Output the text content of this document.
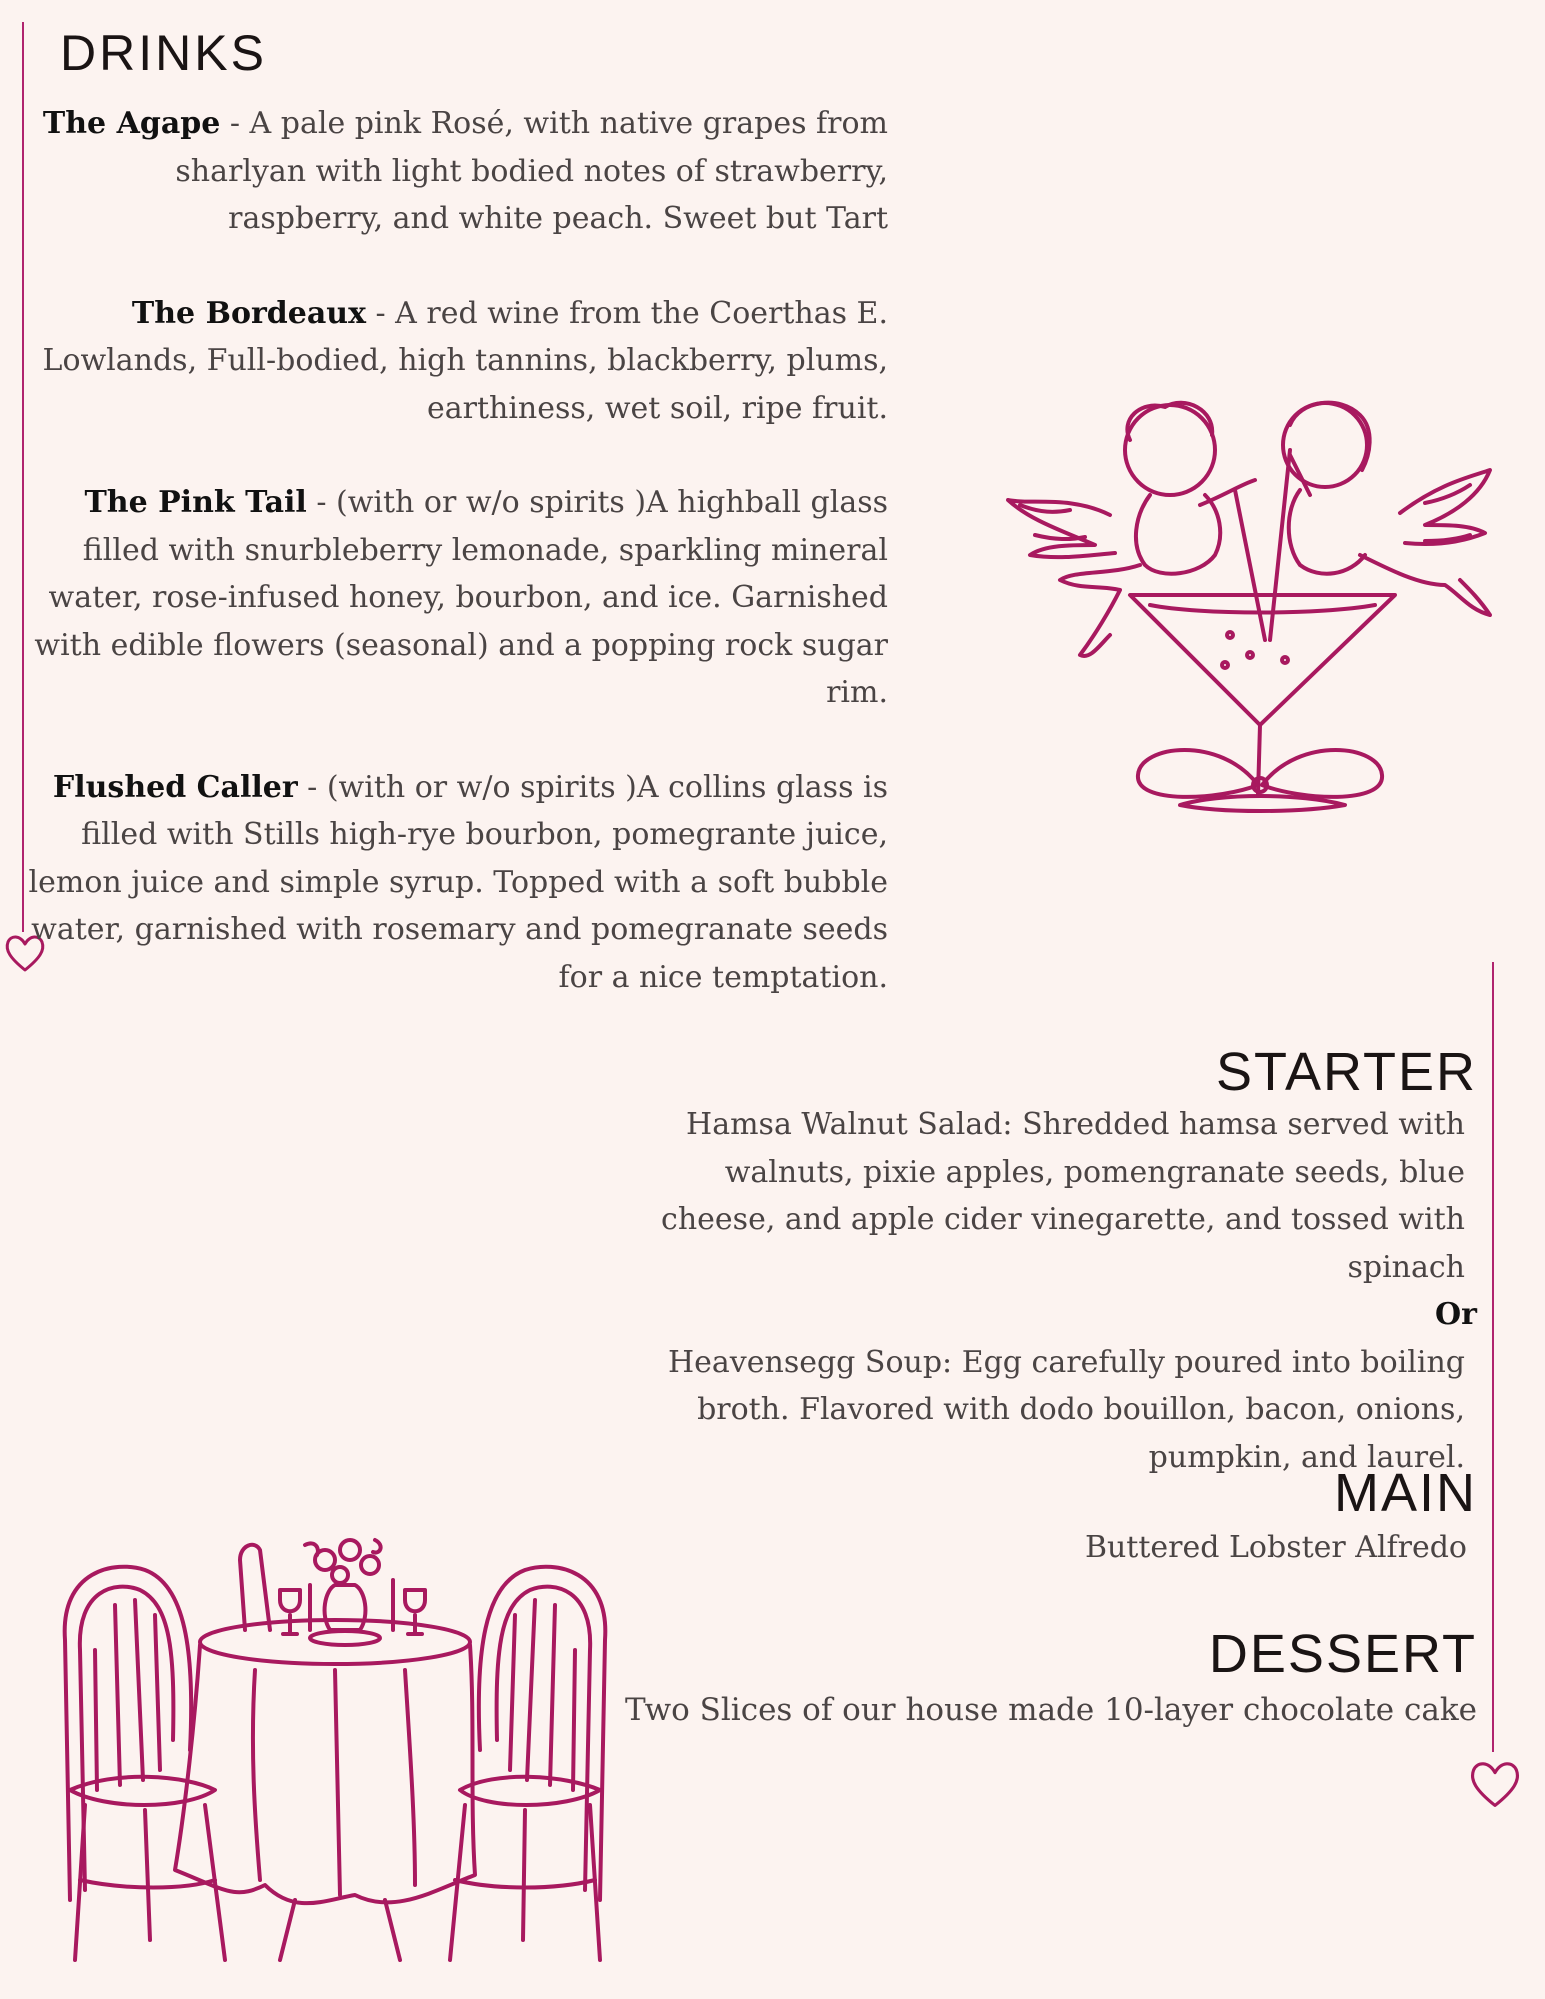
DRINKS

The Agape - A pale pink Rosé, with native grapes from sharlyan with light bodied notes of strawberry, raspberry, and white peach. Sweet but Tart

The Bordeaux - A red wine from the Coerthas E. Lowlands, Full-bodied, high tannins, blackberry, plums, earthiness, wet soil, ripe fruit.

The Pink Tail - (with or w/o spirits )A highball glass filled with snurbleberry lemonade, sparkling mineral water, rose-infused honey, bourbon, and ice. Garnished with edible flowers (seasonal) and a popping rock sugar rim.

Flushed Caller - (with or w/o spirits )A collins glass is filled with Stills high-rye bourbon, pomegrante juice, lemon juice and simple syrup. Topped with a soft bubble water, garnished with rosemary and pomegranate seeds for a nice temptation.

STARTER
Hamsa Walnut Salad: Shredded hamsa served with walnuts, pixie apples, pomengranate seeds, blue cheese, and apple cider vinegarette, and tossed with spinach
Or
Heavensegg Soup: Egg carefully poured into boiling broth. Flavored with dodo bouillon, bacon, onions, pumpkin, and laurel.
MAIN
Buttered Lobster Alfredo
DESSERT
Two Slices of our house made 10-layer chocolate cake
